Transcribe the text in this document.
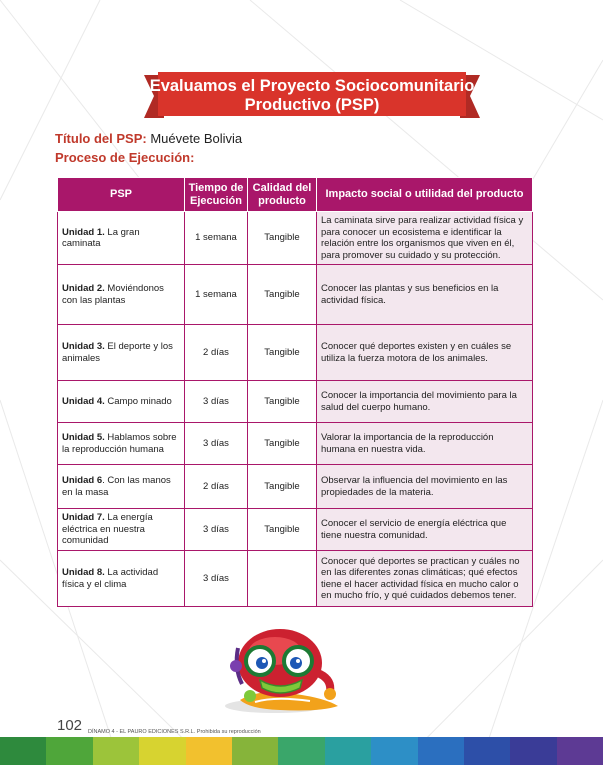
Evaluamos el Proyecto Sociocomunitario
Productivo (PSP)
Título del PSP: Muévete Bolivia
Proceso de Ejecución:
PSP	Tiempo de Ejecución	Calidad del producto	Impacto social o utilidad del producto
Unidad 1. La gran caminata	1 semana	Tangible	La caminata sirve para realizar actividad física y para conocer un ecosistema e identificar la relación entre los organismos que viven en él, para promover su cuidado y su protección.
Unidad 2. Moviéndonos con las plantas	1 semana	Tangible	Conocer las plantas y sus beneficios en la actividad física.
Unidad 3. El deporte y los animales	2 días	Tangible	Conocer qué deportes existen y en cuáles se utiliza la fuerza motora de los animales.
Unidad 4. Campo minado	3 días	Tangible	Conocer la importancia del movimiento para la salud del cuerpo humano.
Unidad 5. Hablamos sobre la reproducción humana	3 días	Tangible	Valorar la importancia de la reproducción humana en nuestra vida.
Unidad 6. Con las manos en la masa	2 días	Tangible	Observar la influencia del movimiento en las propiedades de la materia.
Unidad 7. La energía eléctrica en nuestra comunidad	3 días	Tangible	Conocer el servicio de energía eléctrica que tiene nuestra comunidad.
Unidad 8. La actividad física y el clima	3 días		Conocer qué deportes se practican y cuáles no en las diferentes zonas climáticas; qué efectos tiene el hacer actividad física en mucho calor o en mucho frío, y qué cuidados debemos tener.
102 DÍNAMO 4 - EL PAURO EDICIONES S.R.L. Prohibida su reproducción
